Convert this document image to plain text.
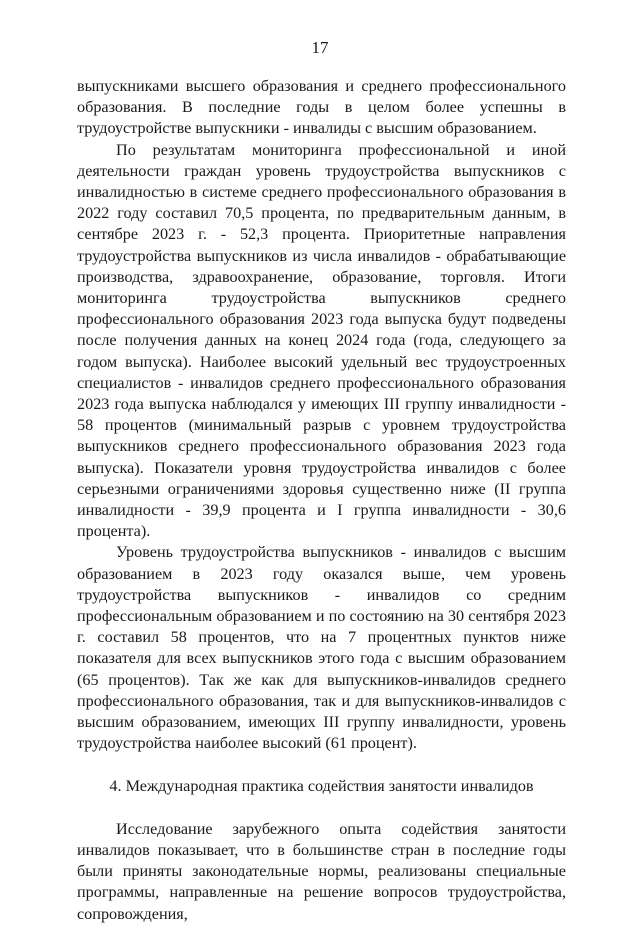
17

выпускниками высшего образования и среднего профессионального образования. В последние годы в целом более успешны в трудоустройстве выпускники - инвалиды с высшим образованием.

По результатам мониторинга профессиональной и иной деятельности граждан уровень трудоустройства выпускников с инвалидностью в системе среднего профессионального образования в 2022 году составил 70,5 процента, по предварительным данным, в сентябре 2023 г. - 52,3 процента. Приоритетные направления трудоустройства выпускников из числа инвалидов - обрабатывающие производства, здравоохранение, образование, торговля. Итоги мониторинга трудоустройства выпускников среднего профессионального образования 2023 года выпуска будут подведены после получения данных на конец 2024 года (года, следующего за годом выпуска). Наиболее высокий удельный вес трудоустроенных специалистов - инвалидов среднего профессионального образования 2023 года выпуска наблюдался у имеющих III группу инвалидности - 58 процентов (минимальный разрыв с уровнем трудоустройства выпускников среднего профессионального образования 2023 года выпуска). Показатели уровня трудоустройства инвалидов с более серьезными ограничениями здоровья существенно ниже (II группа инвалидности - 39,9 процента и I группа инвалидности - 30,6 процента).

Уровень трудоустройства выпускников - инвалидов с высшим образованием в 2023 году оказался выше, чем уровень трудоустройства выпускников - инвалидов со средним профессиональным образованием и по состоянию на 30 сентября 2023 г. составил 58 процентов, что на 7 процентных пунктов ниже показателя для всех выпускников этого года с высшим образованием (65 процентов). Так же как для выпускников-инвалидов среднего профессионального образования, так и для выпускников-инвалидов с высшим образованием, имеющих III группу инвалидности, уровень трудоустройства наиболее высокий (61 процент).

4. Международная практика содействия занятости инвалидов

Исследование зарубежного опыта содействия занятости инвалидов показывает, что в большинстве стран в последние годы были приняты законодательные нормы, реализованы специальные программы, направленные на решение вопросов трудоустройства, сопровождения,
